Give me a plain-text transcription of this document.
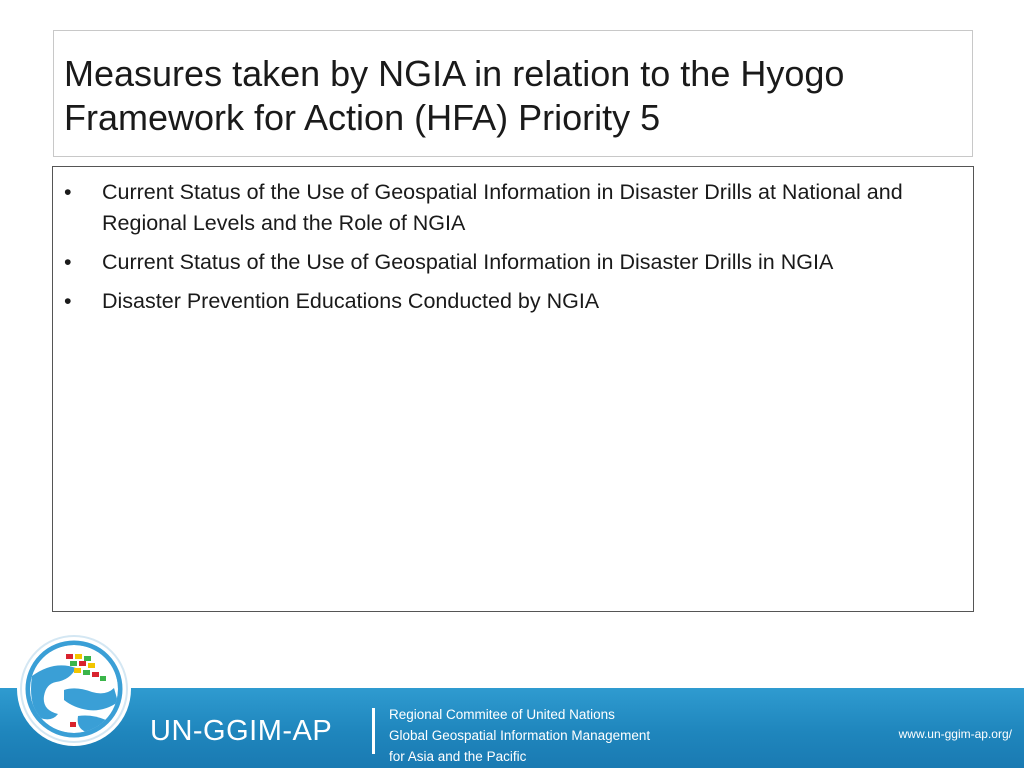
Measures taken by NGIA in relation to the Hyogo Framework for Action (HFA) Priority 5
•	Current Status of the Use of Geospatial Information in Disaster Drills at National and Regional Levels and the Role of NGIA
•	Current Status of the Use of Geospatial Information in Disaster Drills in NGIA
•	Disaster Prevention Educations Conducted by NGIA
UN-GGIM-AP
Regional Commitee of United Nations
Global Geospatial Information Management
for Asia and the Pacific
www.un-ggim-ap.org/
